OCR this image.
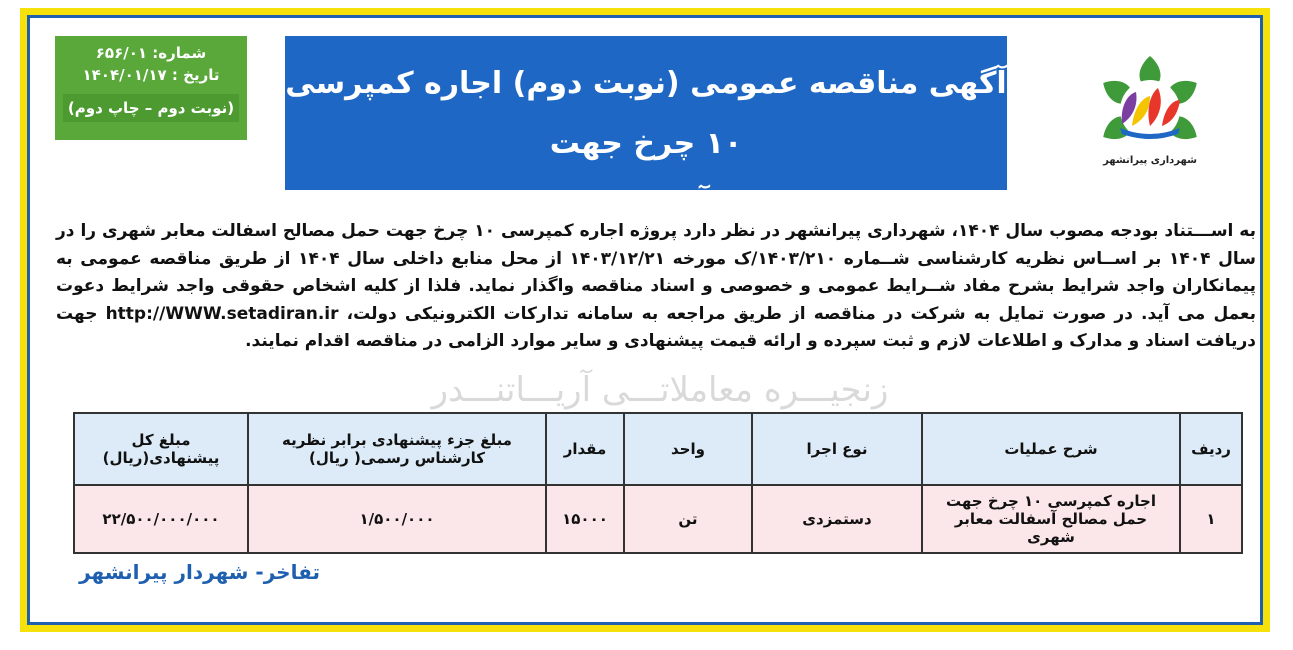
شماره: ۶۵۶/۰۱
تاریخ : ۱۴۰۴/۰۱/۱۷
(نوبت دوم – چاپ دوم)
آگهی مناقصه عمومی (نوبت دوم) اجاره کمپرسی ۱۰ چرخ جهت
حمل مصالح آسفالت معابر شهری
شهرداری پیرانشهر
به اســـتناد بودجه مصوب سال ۱۴۰۴، شهرداری پیرانشهر در نظر دارد پروژه اجاره کمپرسی ۱۰ چرخ جهت حمل مصالح اسفالت معابر شهری را در سال ۱۴۰۴ بر اســاس نظریه کارشناسی شــماره ۱۴۰۳/۲۱۰/ک مورخه ۱۴۰۳/۱۲/۲۱ از محل منابع داخلی سال ۱۴۰۴ از طریق مناقصه عمومی به پیمانکاران واجد شرایط بشرح مفاد شــرایط عمومی و خصوصی و اسناد مناقصه واگذار نماید. فلذا از کلیه اشخاص حقوقی واجد شرایط دعوت بعمل می آید. در صورت تمایل به شرکت در مناقصه از طریق مراجعه به سامانه تدارکات الکترونیکی دولت، http://WWW.setadiran.ir جهت دریافت اسناد و مدارک و اطلاعات لازم و ثبت سپرده و ارائه قیمت پیشنهادی و سایر موارد الزامی در مناقصه اقدام نمایند.
زنجیـــره معاملاتـــی آریـــاتنـــدر
ردیف	شرح عملیات	نوع اجرا	واحد	مقدار	مبلغ جزء پیشنهادی برابر نظریه کارشناس رسمی( ریال)	مبلغ کل پیشنهادی(ریال)
۱	اجاره کمپرسی ۱۰ چرخ جهت حمل مصالح آسفالت معابر شهری	دستمزدی	تن	۱۵۰۰۰	۱/۵۰۰/۰۰۰	۲۲/۵۰۰/۰۰۰/۰۰۰
تفاخر- شهردار پیرانشهر
